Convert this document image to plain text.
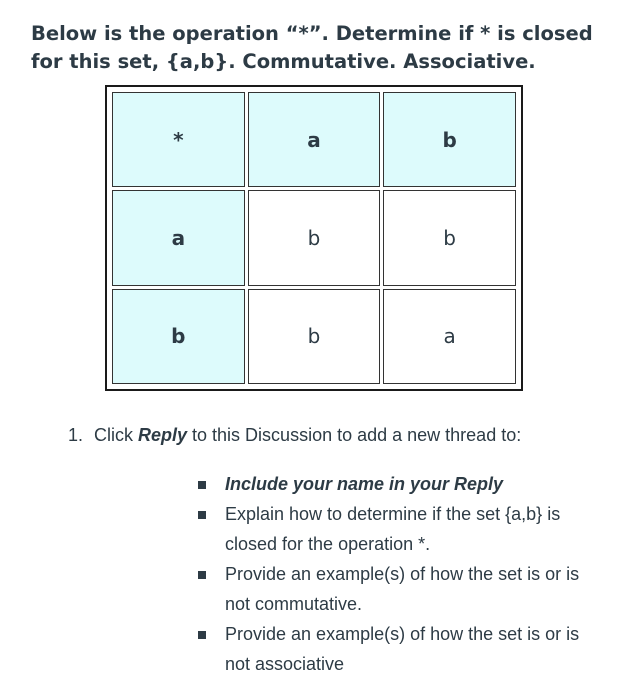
Below is the operation “*”. Determine if * is closed
for this set, {a,b}. Commutative. Associative.
*	a	b
a	b	b
b	b	a

1. Click Reply to this Discussion to add a new thread to:

Include your name in your Reply
Explain how to determine if the set {a,b} is closed for the operation *.
Provide an example(s) of how the set is or is not commutative.
Provide an example(s) of how the set is or is not associative
